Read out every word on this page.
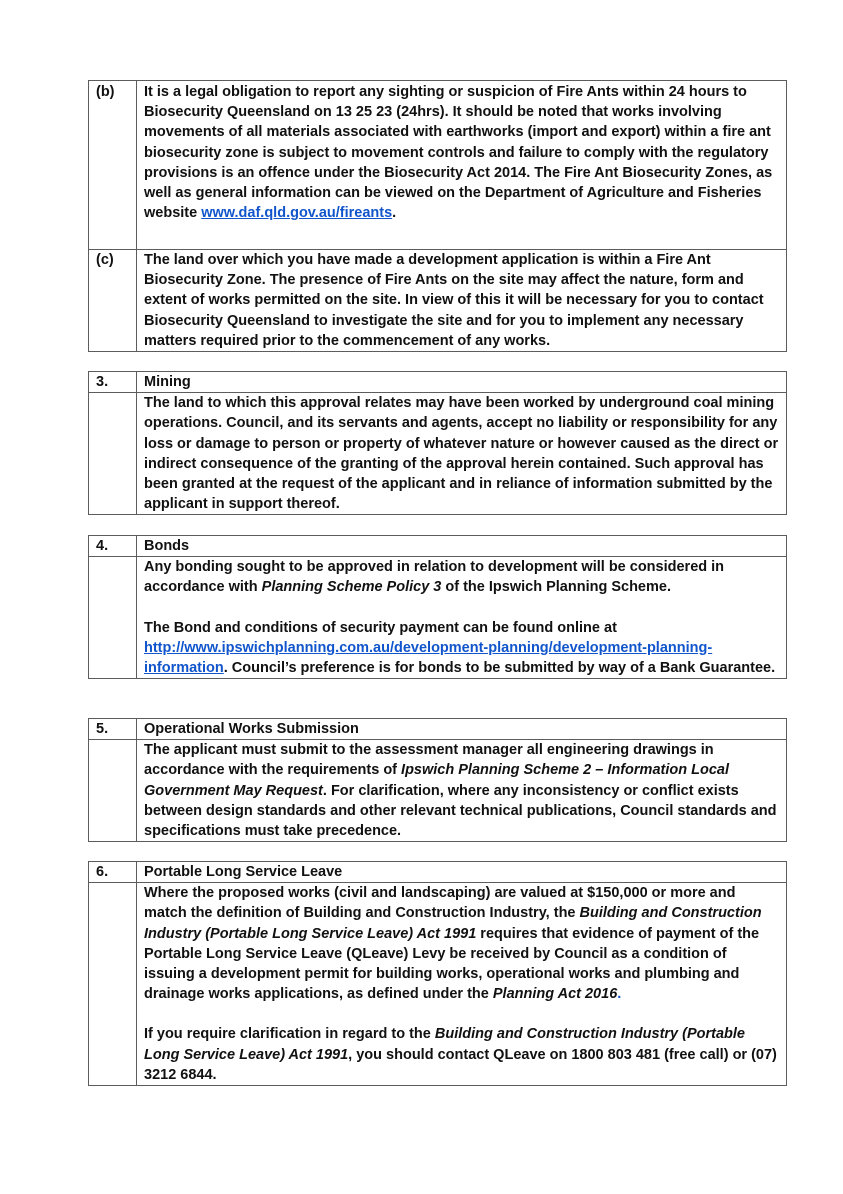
(b)	It is a legal obligation to report any sighting or suspicion of Fire Ants within 24 hours to Biosecurity Queensland on 13 25 23 (24hrs). It should be noted that works involving movements of all materials associated with earthworks (import and export) within a fire ant biosecurity zone is subject to movement controls and failure to comply with the regulatory provisions is an offence under the Biosecurity Act 2014. The Fire Ant Biosecurity Zones, as well as general information can be viewed on the Department of Agriculture and Fisheries website www.daf.qld.gov.au/fireants.
(c)	The land over which you have made a development application is within a Fire Ant Biosecurity Zone. The presence of Fire Ants on the site may affect the nature, form and extent of works permitted on the site. In view of this it will be necessary for you to contact Biosecurity Queensland to investigate the site and for you to implement any necessary matters required prior to the commencement of any works.
3.	Mining
	The land to which this approval relates may have been worked by underground coal mining operations. Council, and its servants and agents, accept no liability or responsibility for any loss or damage to person or property of whatever nature or however caused as the direct or indirect consequence of the granting of the approval herein contained. Such approval has been granted at the request of the applicant and in reliance of information submitted by the applicant in support thereof.
4.	Bonds

	Any bonding sought to be approved in relation to development will be considered in accordance with Planning Scheme Policy 3 of the Ipswich Planning Scheme.

The Bond and conditions of security payment can be found online at http://www.ipswichplanning.com.au/development-planning/development-planning-information. Council’s preference is for bonds to be submitted by way of a Bank Guarantee.

5.	Operational Works Submission
	The applicant must submit to the assessment manager all engineering drawings in accordance with the requirements of Ipswich Planning Scheme 2 – Information Local Government May Request. For clarification, where any inconsistency or conflict exists between design standards and other relevant technical publications, Council standards and specifications must take precedence.
6.	Portable Long Service Leave

	Where the proposed works (civil and landscaping) are valued at $150,000 or more and match the definition of Building and Construction Industry, the Building and Construction Industry (Portable Long Service Leave) Act 1991 requires that evidence of payment of the Portable Long Service Leave (QLeave) Levy be received by Council as a condition of issuing a development permit for building works, operational works and plumbing and drainage works applications, as defined under the Planning Act 2016.

If you require clarification in regard to the Building and Construction Industry (Portable Long Service Leave) Act 1991, you should contact QLeave on 1800 803 481 (free call) or (07) 3212 6844.
